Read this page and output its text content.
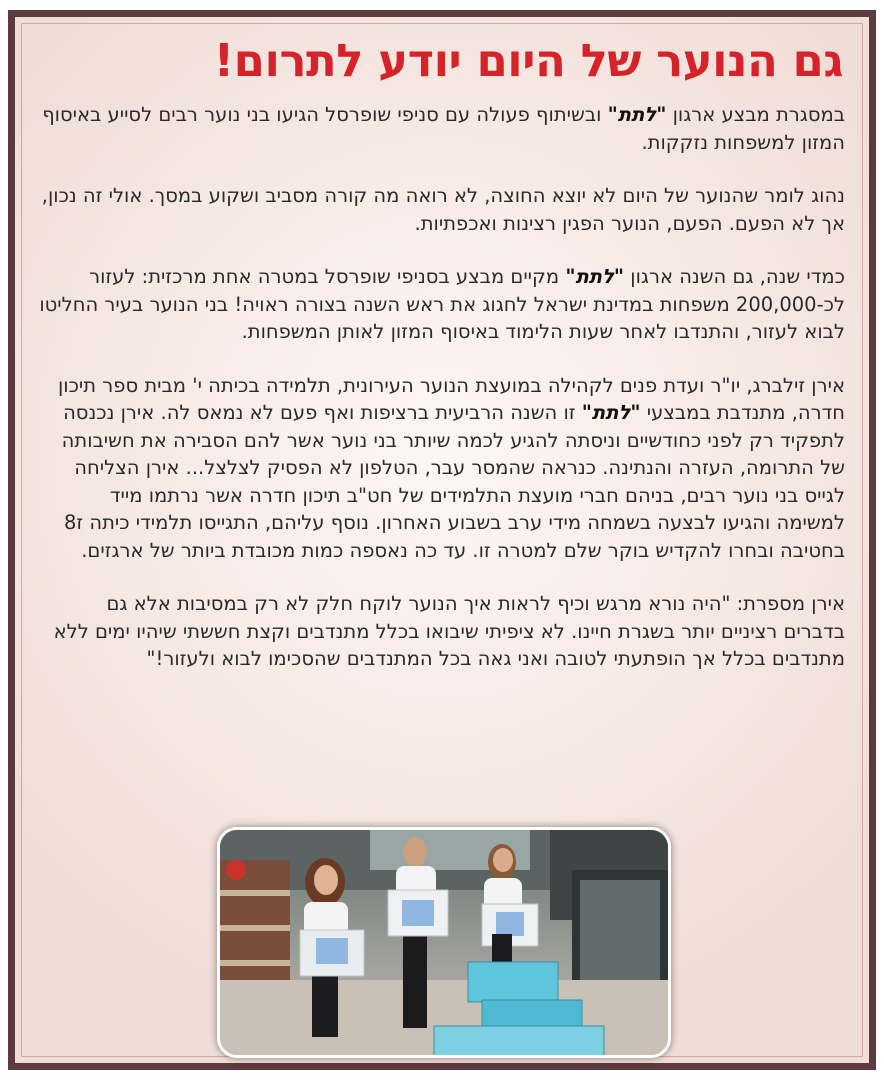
גם הנוער של היום יודע לתרום!

במסגרת מבצע ארגון "לתת" ובשיתוף פעולה עם סניפי שופרסל הגיעו בני נוער רבים לסייע באיסוף המזון למשפחות נזקקות.

נהוג לומר שהנוער של היום לא יוצא החוצה, לא רואה מה קורה מסביב ושקוע במסך. אולי זה נכון, אך לא הפעם. הפעם, הנוער הפגין רצינות ואכפתיות.

כמדי שנה, גם השנה ארגון "לתת" מקיים מבצע בסניפי שופרסל במטרה אחת מרכזית: לעזור לכ-200,000 משפחות במדינת ישראל לחגוג את ראש השנה בצורה ראויה! בני הנוער בעיר החליטו לבוא לעזור, והתנדבו לאחר שעות הלימוד באיסוף המזון לאותן המשפחות.

אירן זילברג, יו"ר ועדת פנים לקהילה במועצת הנוער העירונית, תלמידה בכיתה י' מבית ספר תיכון חדרה, מתנדבת במבצעי "לתת" זו השנה הרביעית ברציפות ואף פעם לא נמאס לה. אירן נכנסה לתפקיד רק לפני כחודשיים וניסתה להגיע לכמה שיותר בני נוער אשר להם הסבירה את חשיבותה של התרומה, העזרה והנתינה. כנראה שהמסר עבר, הטלפון לא הפסיק לצלצל... אירן הצליחה לגייס בני נוער רבים, בניהם חברי מועצת התלמידים של חט"ב תיכון חדרה אשר נרתמו מייד למשימה והגיעו לבצעה בשמחה מידי ערב בשבוע האחרון. נוסף עליהם, התגייסו תלמידי כיתה ז8 בחטיבה ובחרו להקדיש בוקר שלם למטרה זו. עד כה נאספה כמות מכובדת ביותר של ארגזים.

אירן מספרת: "היה נורא מרגש וכיף לראות איך הנוער לוקח חלק לא רק במסיבות אלא גם בדברים רציניים יותר בשגרת חיינו. לא ציפיתי שיבואו בכלל מתנדבים וקצת חששתי שיהיו ימים ללא מתנדבים בכלל אך הופתעתי לטובה ואני גאה בכל המתנדבים שהסכימו לבוא ולעזור!"
